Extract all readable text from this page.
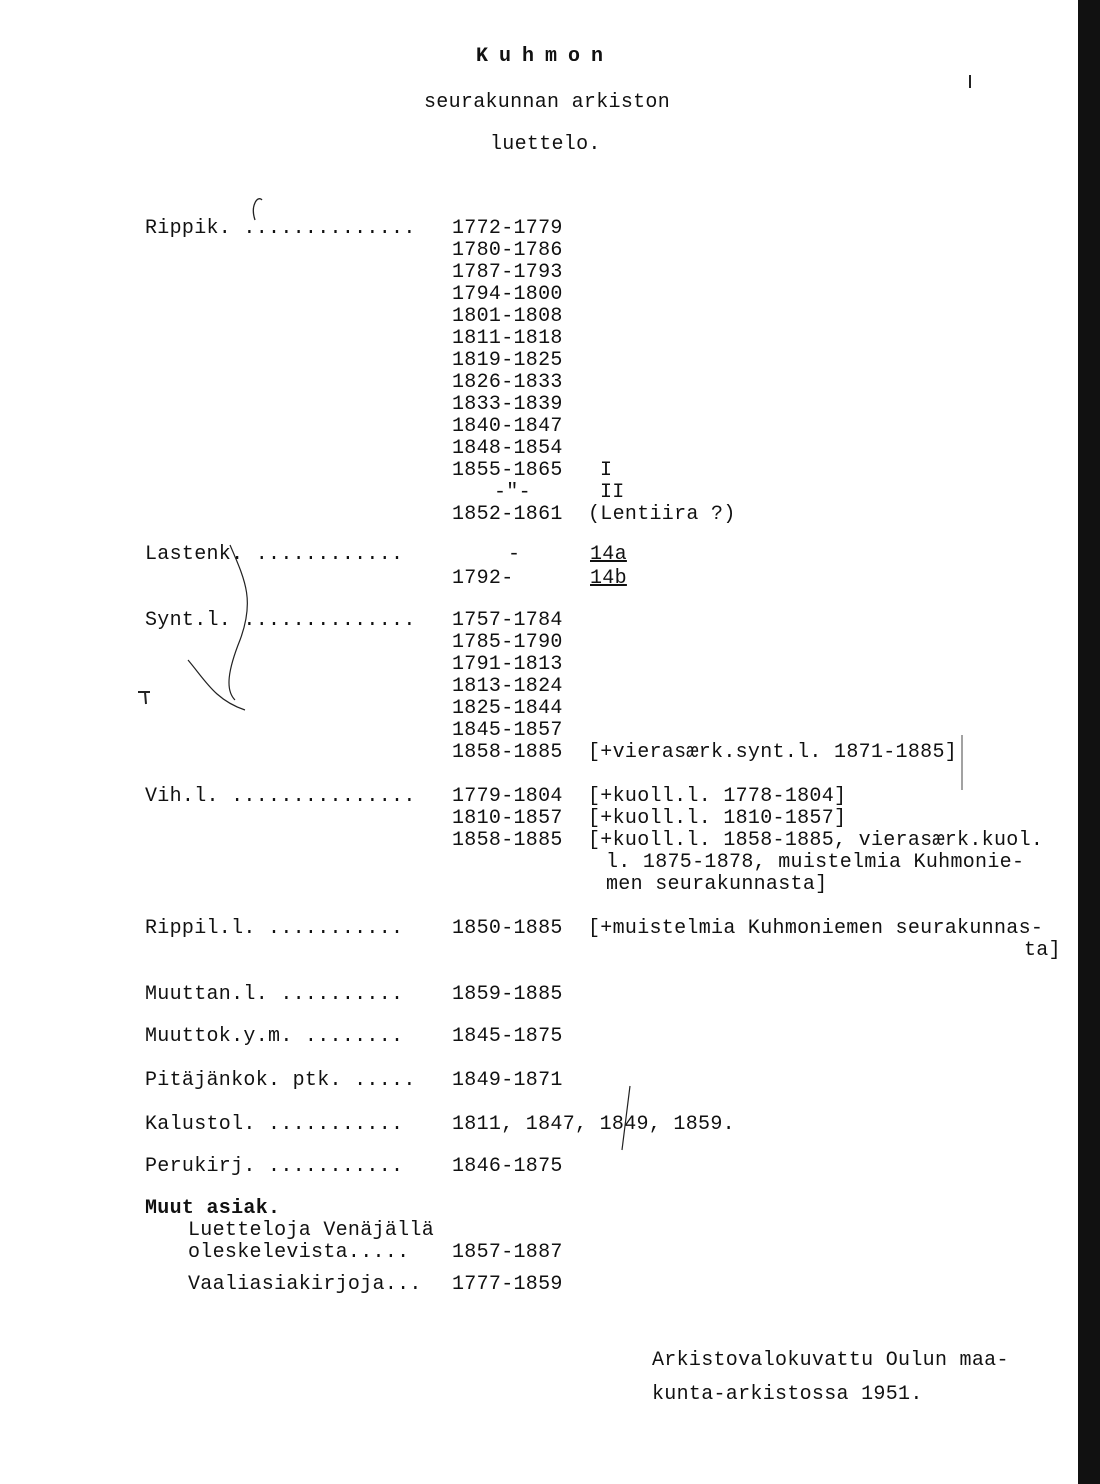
Kuhmon
seurakunnan arkiston
luettelo.
Rippik. .............. 1772-1779
1780-1786
1787-1793
1794-1800
1801-1808
1811-1818
1819-1825
1826-1833
1833-1839
1840-1847
1848-1854
1855-1865
-"-
1852-1861
I
II
(Lentiira ?)
Lastenk. ............	-
1792-
14a
14b
Synt.l. .............. 1757-1784
1785-1790
1791-1813
1813-1824
1825-1844
1845-1857
1858-1885 [+vierasærk.synt.l. 1871-1885]
Vih.l. ............... 1779-1804
1810-1857
1858-1885
[+kuoll.l. 1778-1804]
[+kuoll.l. 1810-1857]
[+kuoll.l. 1858-1885, vierasærk.kuol.
l. 1875-1878, muistelmia Kuhmonie-
men seurakunnasta]
Rippil.l. ........... 1850-1885 [+muistelmia Kuhmoniemen seurakunnas-
ta]
Muuttan.l. .......... 1859-1885
Muuttok.y.m. ........ 1845-1875
Pitäjänkok. ptk. ..... 1849-1871
Kalustol. ........... 1811, 1847, 1849, 1859.
Perukirj. ........... 1846-1875
Muut asiak.
Luetteloja Venäjällä
oleskelevista..... 1857-1887
Vaaliasiakirjoja... 1777-1859
Arkistovalokuvattu Oulun maa-
kunta-arkistossa 1951.
